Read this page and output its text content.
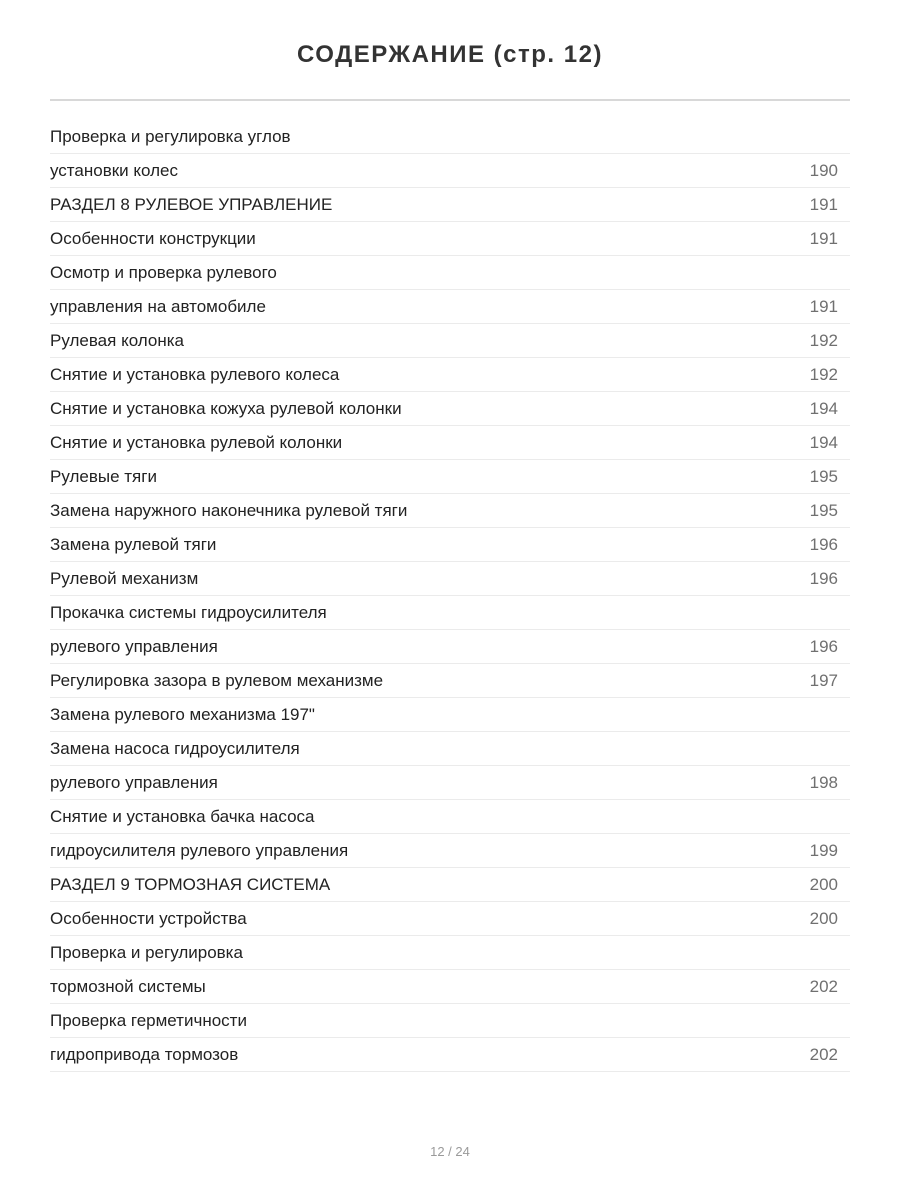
СОДЕРЖАНИЕ (стр. 12)
Проверка и регулировка углов
установки колес	190
РАЗДЕЛ 8 РУЛЕВОЕ УПРАВЛЕНИЕ	191
Особенности конструкции	191
Осмотр и проверка рулевого
управления на автомобиле	191
Рулевая колонка	192
Снятие и установка рулевого колеса	192
Снятие и установка кожуха рулевой колонки	194
Снятие и установка рулевой колонки	194
Рулевые тяги	195
Замена наружного наконечника рулевой тяги	195
Замена рулевой тяги	196
Рулевой механизм	196
Прокачка системы гидроусилителя
рулевого управления	196
Регулировка зазора в рулевом механизме	197
Замена рулевого механизма 197"
Замена насоса гидроусилителя
рулевого управления	198
Снятие и установка бачка насоса
гидроусилителя рулевого управления	199
РАЗДЕЛ 9 ТОРМОЗНАЯ СИСТЕМА	200
Особенности устройства	200
Проверка и регулировка
тормозной системы	202
Проверка герметичности
гидропривода тормозов	202
12 / 24
